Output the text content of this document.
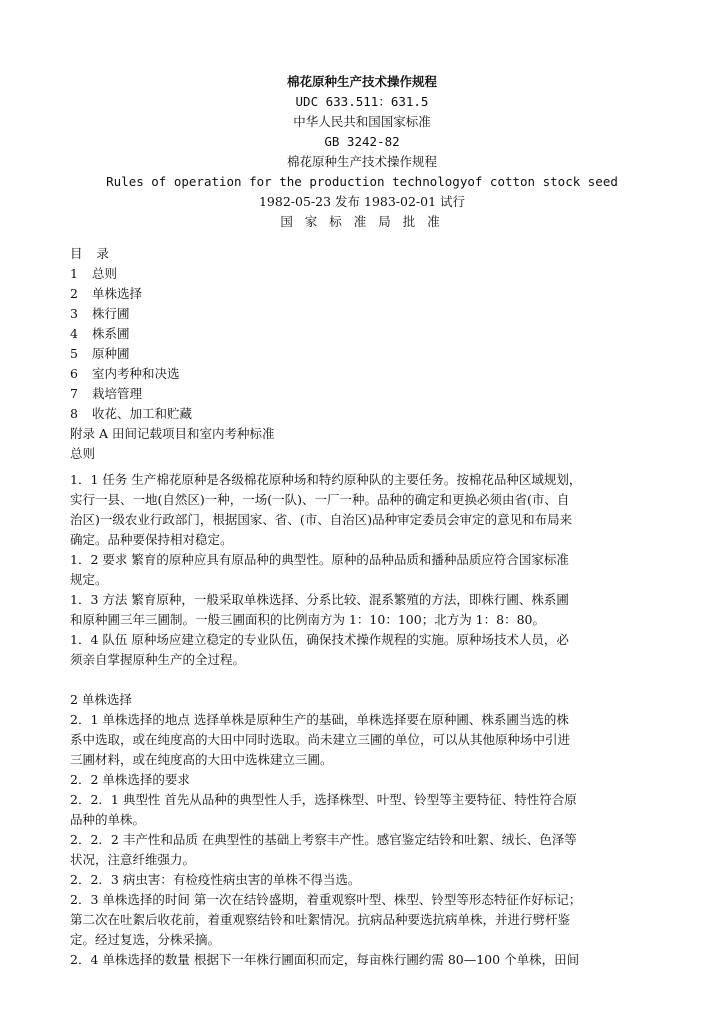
棉花原种生产技术操作规程
UDC 633.511：631.5
中华人民共和国国家标准
GB 3242-82
棉花原种生产技术操作规程
Rules of operation for the production technologyof cotton stock seed
1982-05-23 发布 1983-02-01 试行
国 家 标 准 局 批 准
目录
1 总则
2 单株选择
3 株行圃
4 株系圃
5 原种圃
6 室内考种和决选
7 栽培管理
8 收花、加工和贮藏
附录 A 田间记载项目和室内考种标准
总则
1．1 任务 生产棉花原种是各级棉花原种场和特约原种队的主要任务。按棉花品种区域规划，
实行一县、一地(自然区)一种，一场(一队)、一厂一种。品种的确定和更换必须由省(市、自
治区)一级农业行政部门，根据国家、省、(市、自治区)品种审定委员会审定的意见和布局来
确定。品种要保持相对稳定。
1．2 要求 繁育的原种应具有原品种的典型性。原种的品种品质和播种品质应符合国家标准
规定。
1．3 方法 繁育原种，一般采取单株选择、分系比较、混系繁殖的方法，即株行圃、株系圃
和原种圃三年三圃制。一般三圃面积的比例南方为 1：10：100；北方为 1：8：80。
1．4 队伍 原种场应建立稳定的专业队伍，确保技术操作规程的实施。原种场技术人员，必
须亲自掌握原种生产的全过程。
2 单株选择
2．1 单株选择的地点 选择单株是原种生产的基础，单株选择要在原种圃、株系圃当选的株
系中选取，或在纯度高的大田中同时选取。尚未建立三圃的单位，可以从其他原种场中引进
三圃材料，或在纯度高的大田中选株建立三圃。
2．2 单株选择的要求
2．2．1 典型性 首先从品种的典型性人手，选择株型、叶型、铃型等主要特征、特性符合原
品种的单株。
2．2．2 丰产性和品质 在典型性的基础上考察丰产性。感官鉴定结铃和吐絮、绒长、色泽等
状况，注意纤维强力。
2．2．3 病虫害：有检疫性病虫害的单株不得当选。
2．3 单株选择的时间 第一次在结铃盛期，着重观察叶型、株型、铃型等形态特征作好标记；
第二次在吐絮后收花前，着重观察结铃和吐絮情况。抗病品种要选抗病单株，并进行劈杆鉴
定。经过复选，分株采摘。
2．4 单株选择的数量 根据下一年株行圃面积而定，每亩株行圃约需 80—100 个单株，田间
